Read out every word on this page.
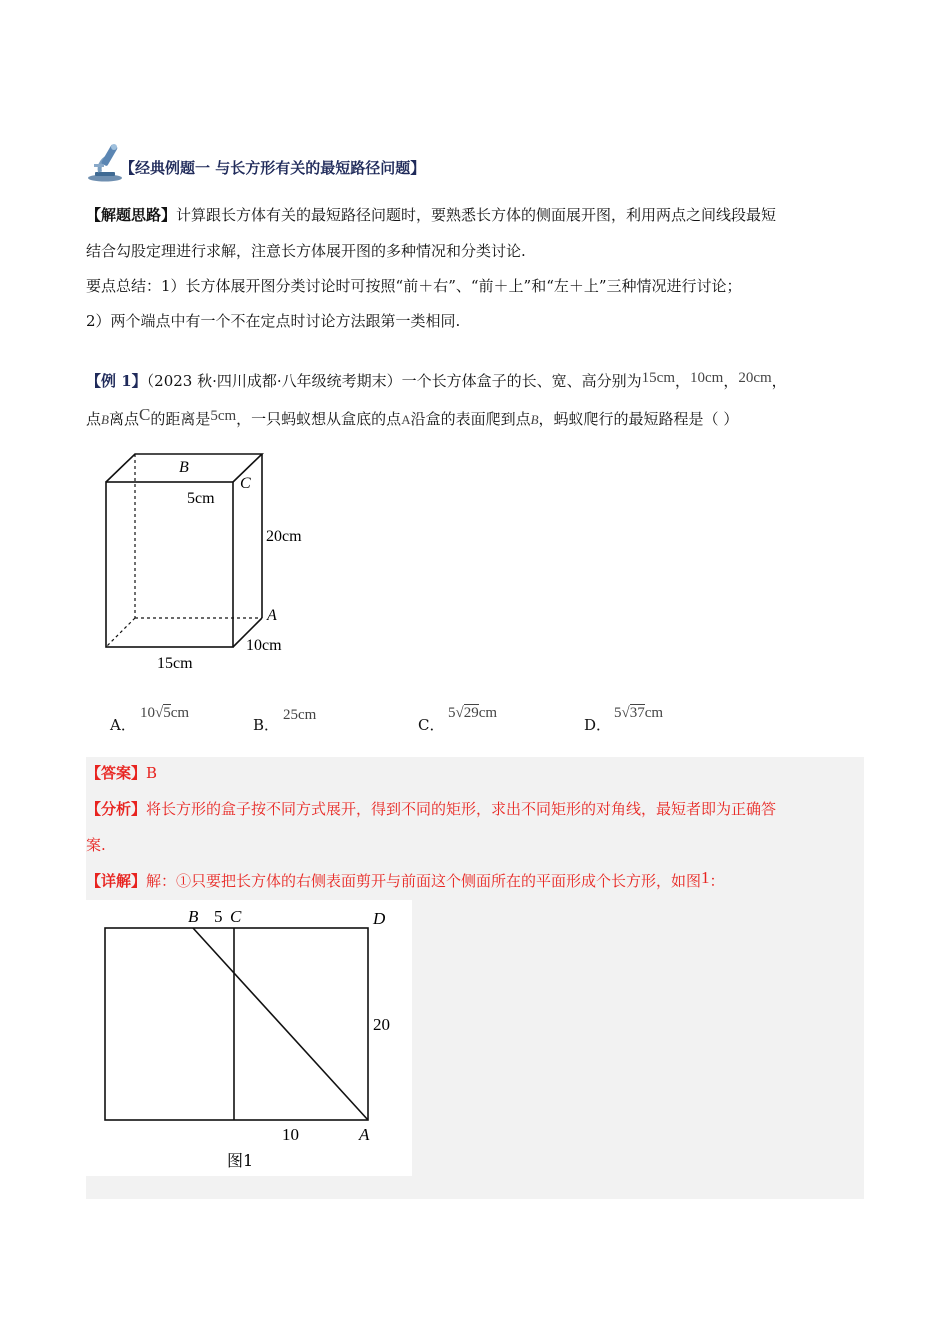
【经典例题一 与长方形有关的最短路径问题】
【解题思路】计算跟长方体有关的最短路径问题时，要熟悉长方体的侧面展开图，利用两点之间线段最短
结合勾股定理进行求解，注意长方体展开图的多种情况和分类讨论.
要点总结：1）长方体展开图分类讨论时可按照“前＋右”、“前＋上”和“左＋上”三种情况进行讨论；
2）两个端点中有一个不在定点时讨论方法跟第一类相同.
【例 1】（2023 秋·四川成都·八年级统考期末）一个长方体盒子的长、宽、高分别为15cm，10cm，20cm，
点B离点C的距离是5cm，一只蚂蚁想从盒底的点A沿盒的表面爬到点B，蚂蚁爬行的最短路程是（ ）
B
C
5cm
20cm
A
10cm
15cm
A．
10√5cm
B．
25cm
C．
5√29cm
D．
5√37cm
【答案】B
【分析】将长方形的盒子按不同方式展开，得到不同的矩形，求出不同矩形的对角线，最短者即为正确答
案.
【详解】解：①只要把长方体的右侧表面剪开与前面这个侧面所在的平面形成个长方形，如图1：
B 5 C	D
20
10	A
图1
